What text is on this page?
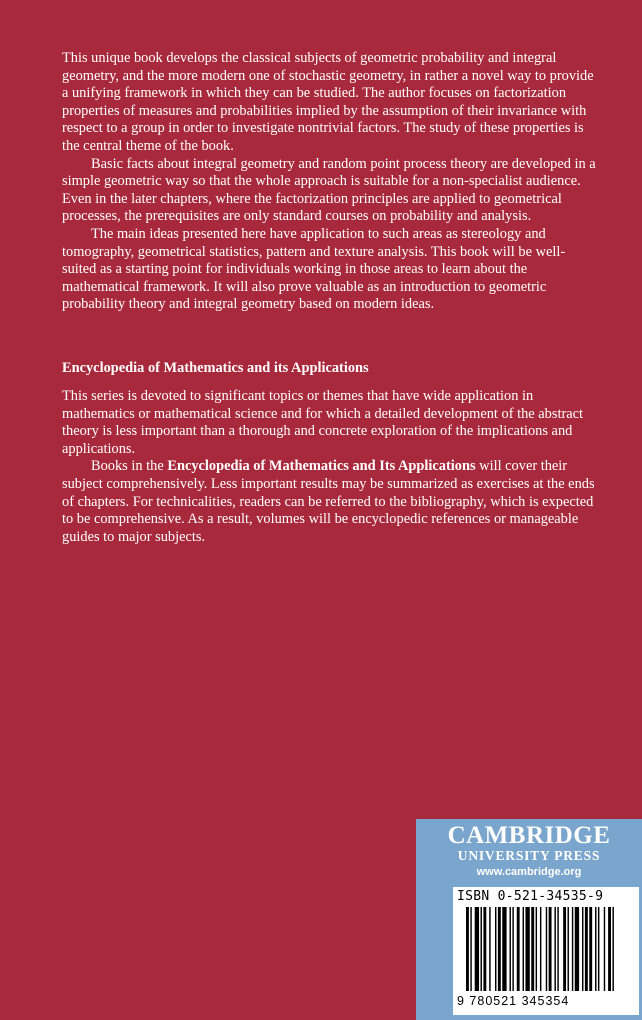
This unique book develops the classical subjects of geometric probability and integral geometry, and the more modern one of stochastic geometry, in rather a novel way to provide a unifying framework in which they can be studied. The author focuses on factorization properties of measures and probabilities implied by the assumption of their invariance with respect to a group in order to investigate nontrivial factors. The study of these properties is the central theme of the book.

Basic facts about integral geometry and random point process theory are developed in a simple geometric way so that the whole approach is suitable for a non-specialist audience. Even in the later chapters, where the factorization principles are applied to geometrical processes, the prerequisites are only standard courses on probability and analysis.

The main ideas presented here have application to such areas as stereology and tomography, geometrical statistics, pattern and texture analysis. This book will be well-suited as a starting point for individuals working in those areas to learn about the mathematical framework. It will also prove valuable as an introduction to geometric probability theory and integral geometry based on modern ideas.

Encyclopedia of Mathematics and its Applications

This series is devoted to significant topics or themes that have wide application in mathematics or mathematical science and for which a detailed development of the abstract theory is less important than a thorough and concrete exploration of the implications and applications.

Books in the Encyclopedia of Mathematics and Its Applications will cover their subject comprehensively. Less important results may be summarized as exercises at the ends of chapters. For technicalities, readers can be referred to the bibliography, which is expected to be comprehensive. As a result, volumes will be encyclopedic references or manageable guides to major subjects.

CAMBRIDGE
UNIVERSITY PRESS
www.cambridge.org
ISBN 0-521-34535-9
9 780521 345354
